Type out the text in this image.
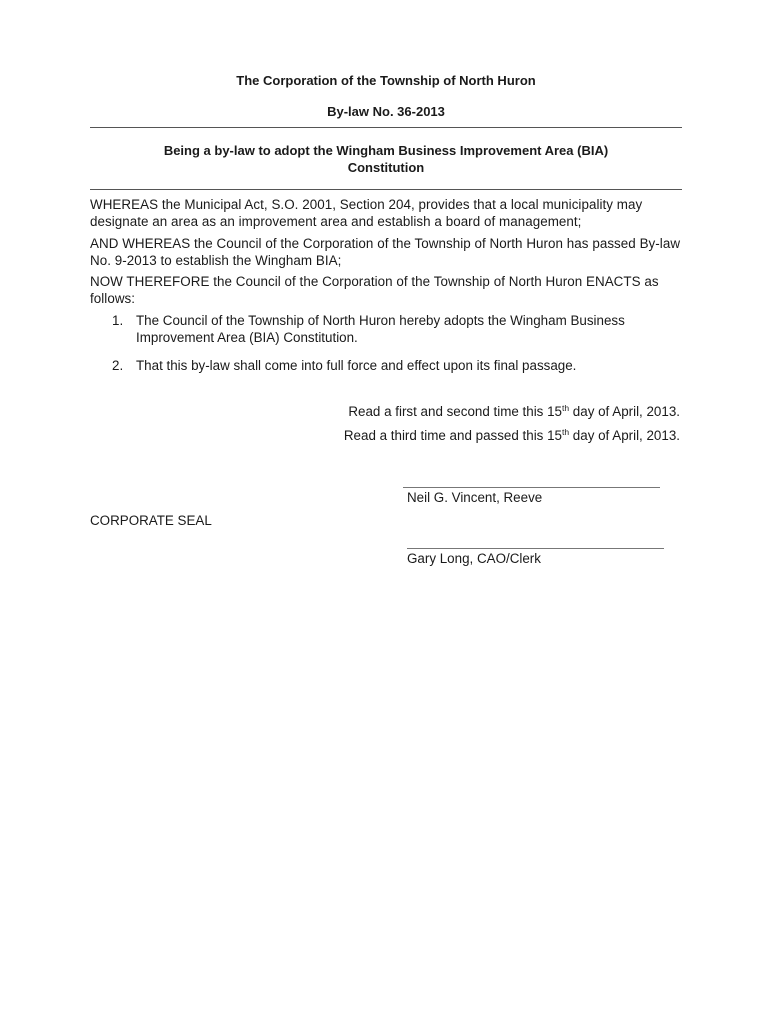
The Corporation of the Township of North Huron
By-law No. 36-2013
Being a by-law to adopt the Wingham Business Improvement Area (BIA)
Constitution
WHEREAS the Municipal Act, S.O. 2001, Section 204, provides that a local municipality may designate an area as an improvement area and establish a board of management;
AND WHEREAS the Council of the Corporation of the Township of North Huron has passed By-law No. 9-2013 to establish the Wingham BIA;
NOW THEREFORE the Council of the Corporation of the Township of North Huron ENACTS as follows:
1. The Council of the Township of North Huron hereby adopts the Wingham Business Improvement Area (BIA) Constitution.
2. That this by-law shall come into full force and effect upon its final passage.
Read a first and second time this 15th day of April, 2013.
Read a third time and passed this 15th day of April, 2013.
Neil G. Vincent, Reeve
CORPORATE SEAL
Gary Long, CAO/Clerk
